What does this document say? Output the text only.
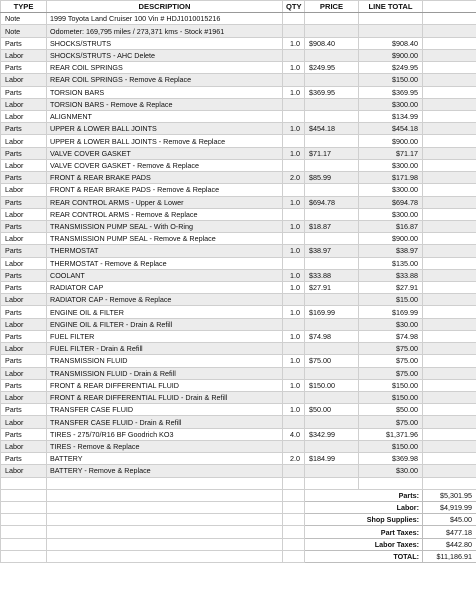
TYPE	DESCRIPTION	QTY	PRICE	LINE TOTAL	
Note	1999 Toyota Land Cruiser 100 Vin # HDJ1010015216				
Note	Odometer: 169,795 miles / 273,371 kms - Stock #1961				
Parts	SHOCKS/STRUTS	1.0	$908.40	$908.40	
Labor	SHOCKS/STRUTS - AHC Delete			$900.00	
Parts	REAR COIL SPRINGS	1.0	$249.95	$249.95	
Labor	REAR COIL SPRINGS - Remove & Replace			$150.00	
Parts	TORSION BARS	1.0	$369.95	$369.95	
Labor	TORSION BARS - Remove & Replace			$300.00	
Labor	ALIGNMENT			$134.99	
Parts	UPPER & LOWER BALL JOINTS	1.0	$454.18	$454.18	
Labor	UPPER & LOWER BALL JOINTS - Remove & Replace			$900.00	
Parts	VALVE COVER GASKET	1.0	$71.17	$71.17	
Labor	VALVE COVER GASKET - Remove & Replace			$300.00	
Parts	FRONT & REAR BRAKE PADS	2.0	$85.99	$171.98	
Labor	FRONT & REAR BRAKE PADS - Remove & Replace			$300.00	
Parts	REAR CONTROL ARMS - Upper & Lower	1.0	$694.78	$694.78	
Labor	REAR CONTROL ARMS - Remove & Replace			$300.00	
Parts	TRANSMISSION PUMP SEAL - With O-Ring	1.0	$18.87	$16.87	
Labor	TRANSMISSION PUMP SEAL - Remove & Replace			$900.00	
Parts	THERMOSTAT	1.0	$38.97	$38.97	
Labor	THERMOSTAT - Remove & Replace			$135.00	
Parts	COOLANT	1.0	$33.88	$33.88	
Parts	RADIATOR CAP	1.0	$27.91	$27.91	
Labor	RADIATOR CAP - Remove & Replace			$15.00	
Parts	ENGINE OIL & FILTER	1.0	$169.99	$169.99	
Labor	ENGINE OIL & FILTER - Drain & Refill			$30.00	
Parts	FUEL FILTER	1.0	$74.98	$74.98	
Labor	FUEL FILTER - Drain & Refill			$75.00	
Parts	TRANSMISSION FLUID	1.0	$75.00	$75.00	
Labor	TRANSMISSION FLUID - Drain & Refill			$75.00	
Parts	FRONT & REAR DIFFERENTIAL FLUID	1.0	$150.00	$150.00	
Labor	FRONT & REAR DIFFERENTIAL FLUID - Drain & Refill			$150.00	
Parts	TRANSFER CASE FLUID	1.0	$50.00	$50.00	
Labor	TRANSFER CASE FLUID - Drain & Refill			$75.00	
Parts	TIRES - 275/70/R16 BF Goodrich KO3	4.0	$342.99	$1,371.96	
Labor	TIRES - Remove & Replace			$150.00	
Parts	BATTERY	2.0	$184.99	$369.98	
Labor	BATTERY - Remove & Replace			$30.00	

			Parts:		$5,301.95
			Labor:		$4,919.99
			Shop Supplies:		$45.00
			Part Taxes:		$477.18
			Labor Taxes:		$442.80
			TOTAL:		$11,186.91
